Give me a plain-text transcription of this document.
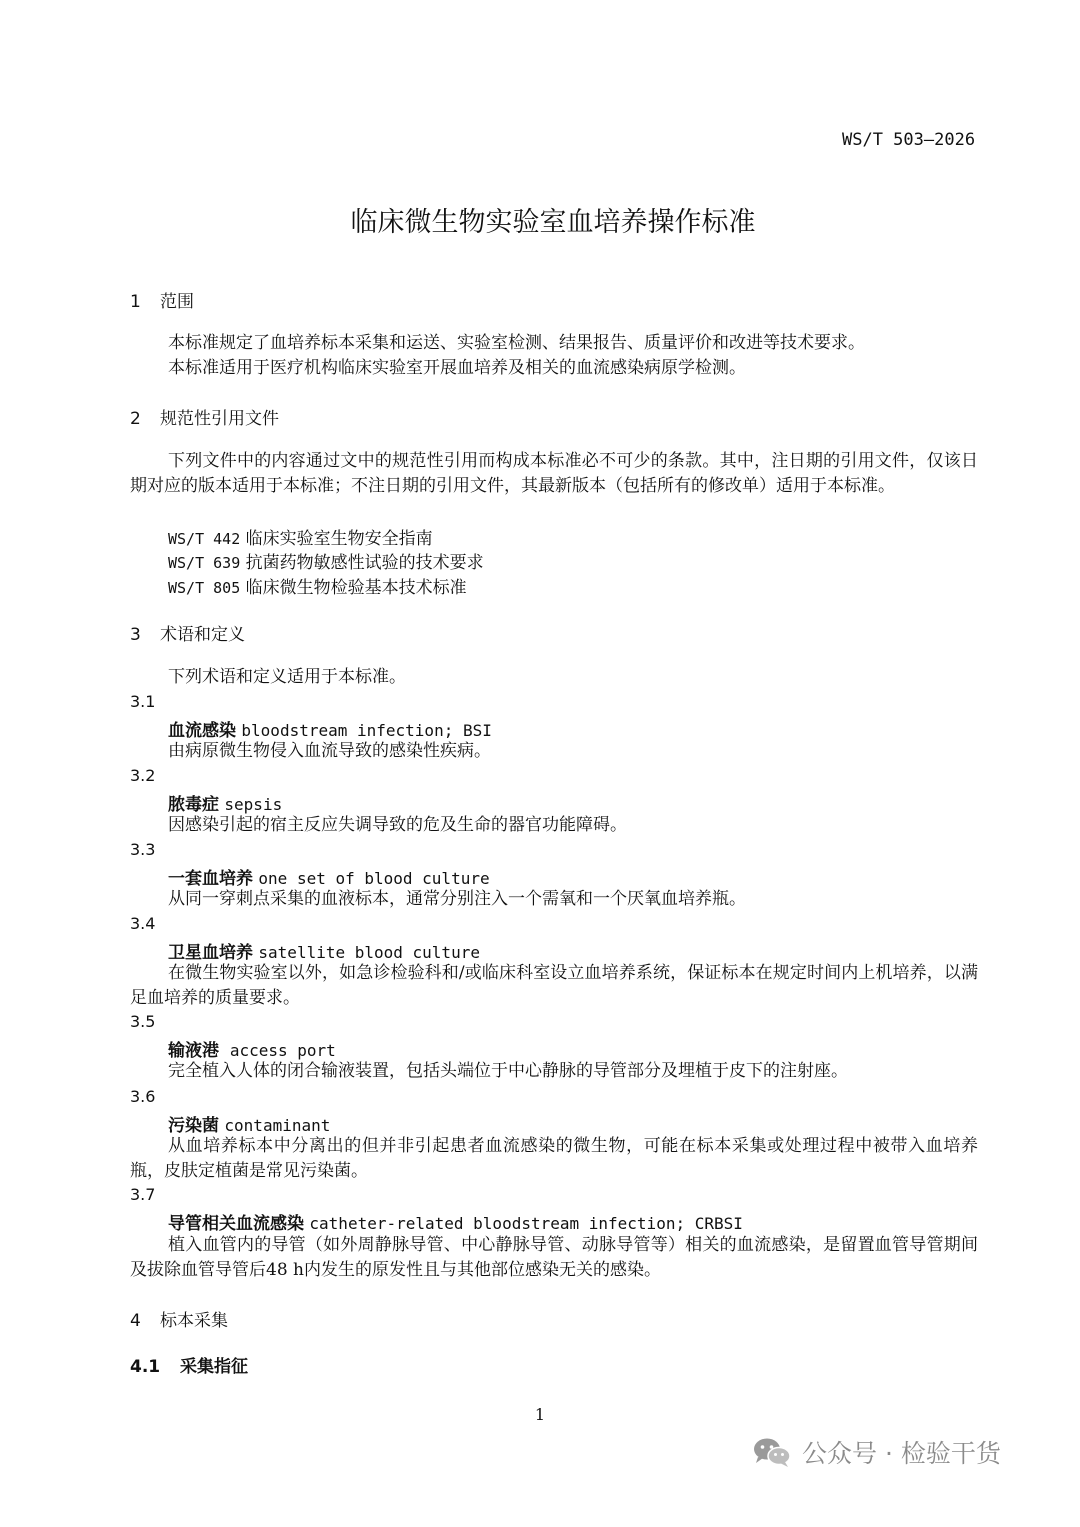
WS/T 503—2026
临床微生物实验室血培养操作标准
1 范围
本标准规定了血培养标本采集和运送、实验室检测、结果报告、质量评价和改进等技术要求。
本标准适用于医疗机构临床实验室开展血培养及相关的血流感染病原学检测。
2 规范性引用文件
下列文件中的内容通过文中的规范性引用而构成本标准必不可少的条款。其中，注日期的引用文件，仅该日期对应的版本适用于本标准；不注日期的引用文件，其最新版本（包括所有的修改单）适用于本标准。
WS/T 442 临床实验室生物安全指南
WS/T 639 抗菌药物敏感性试验的技术要求
WS/T 805 临床微生物检验基本技术标准
3 术语和定义
下列术语和定义适用于本标准。
3.1
血流感染 bloodstream infection; BSI
由病原微生物侵入血流导致的感染性疾病。
3.2
脓毒症 sepsis
因感染引起的宿主反应失调导致的危及生命的器官功能障碍。
3.3
一套血培养 one set of blood culture
从同一穿刺点采集的血液标本，通常分别注入一个需氧和一个厌氧血培养瓶。
3.4
卫星血培养 satellite blood culture
在微生物实验室以外，如急诊检验科和/或临床科室设立血培养系统，保证标本在规定时间内上机培养，以满足血培养的质量要求。
3.5
输液港 access port
完全植入人体的闭合输液装置，包括头端位于中心静脉的导管部分及埋植于皮下的注射座。
3.6
污染菌 contaminant
从血培养标本中分离出的但并非引起患者血流感染的微生物，可能在标本采集或处理过程中被带入血培养瓶，皮肤定植菌是常见污染菌。
3.7
导管相关血流感染 catheter-related bloodstream infection; CRBSI
植入血管内的导管（如外周静脉导管、中心静脉导管、动脉导管等）相关的血流感染，是留置血管导管期间及拔除血管导管后48 h内发生的原发性且与其他部位感染无关的感染。
4 标本采集
4.1 采集指征
1
公众号 · 检验干货
